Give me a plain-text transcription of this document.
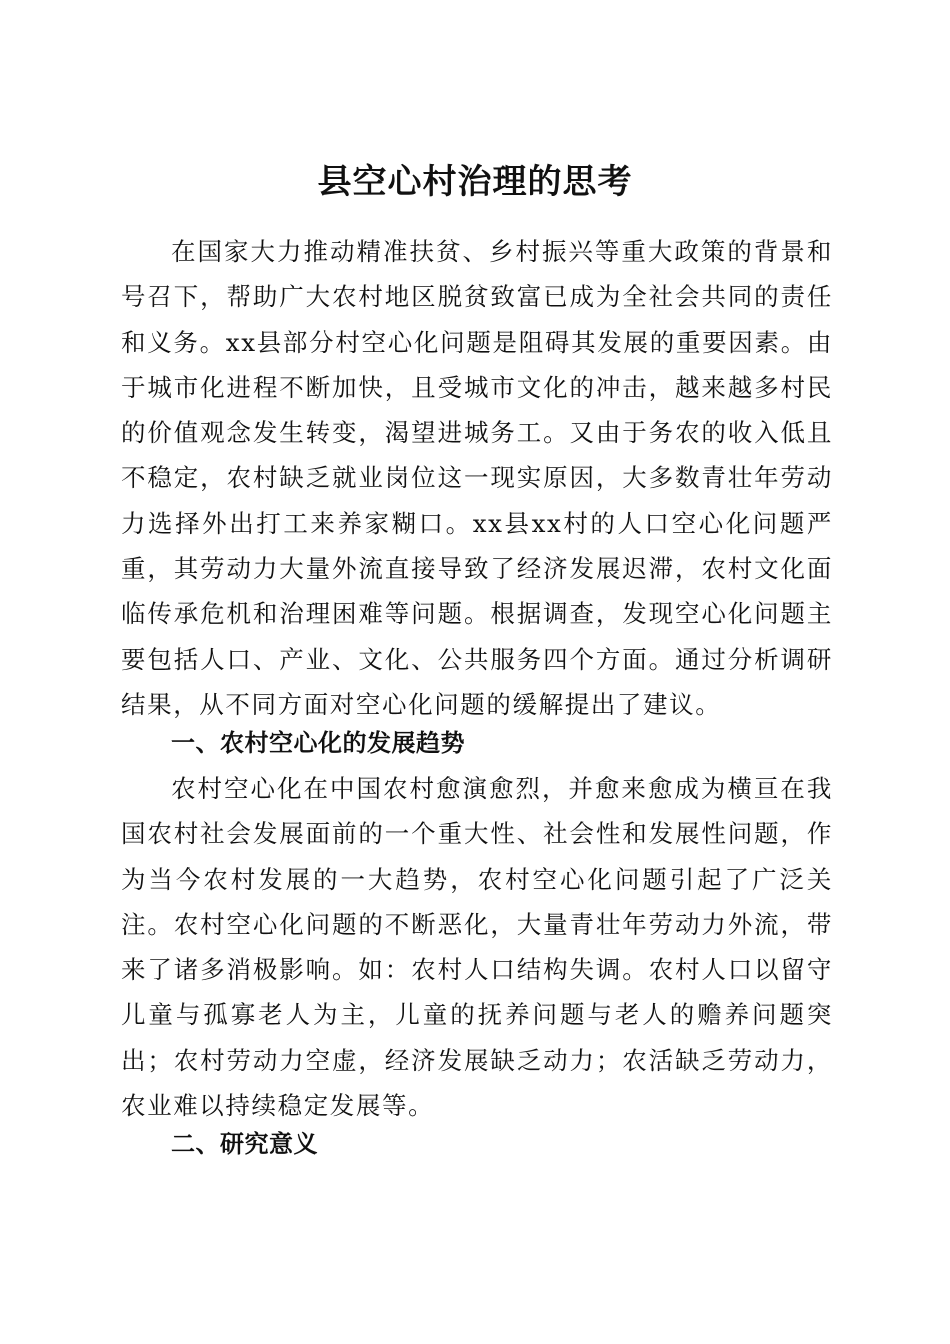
县空心村治理的思考

在国家大力推动精准扶贫、乡村振兴等重大政策的背景和号召下，帮助广大农村地区脱贫致富已成为全社会共同的责任和义务。xx县部分村空心化问题是阻碍其发展的重要因素。由于城市化进程不断加快，且受城市文化的冲击，越来越多村民的价值观念发生转变，渴望进城务工。又由于务农的收入低且不稳定，农村缺乏就业岗位这一现实原因，大多数青壮年劳动力选择外出打工来养家糊口。xx县xx村的人口空心化问题严重，其劳动力大量外流直接导致了经济发展迟滞，农村文化面临传承危机和治理困难等问题。根据调查，发现空心化问题主要包括人口、产业、文化、公共服务四个方面。通过分析调研结果，从不同方面对空心化问题的缓解提出了建议。

一、农村空心化的发展趋势

农村空心化在中国农村愈演愈烈，并愈来愈成为横亘在我国农村社会发展面前的一个重大性、社会性和发展性问题，作为当今农村发展的一大趋势，农村空心化问题引起了广泛关注。农村空心化问题的不断恶化，大量青壮年劳动力外流，带来了诸多消极影响。如：农村人口结构失调。农村人口以留守儿童与孤寡老人为主，儿童的抚养问题与老人的赡养问题突出；农村劳动力空虚，经济发展缺乏动力；农活缺乏劳动力，农业难以持续稳定发展等。

二、研究意义
